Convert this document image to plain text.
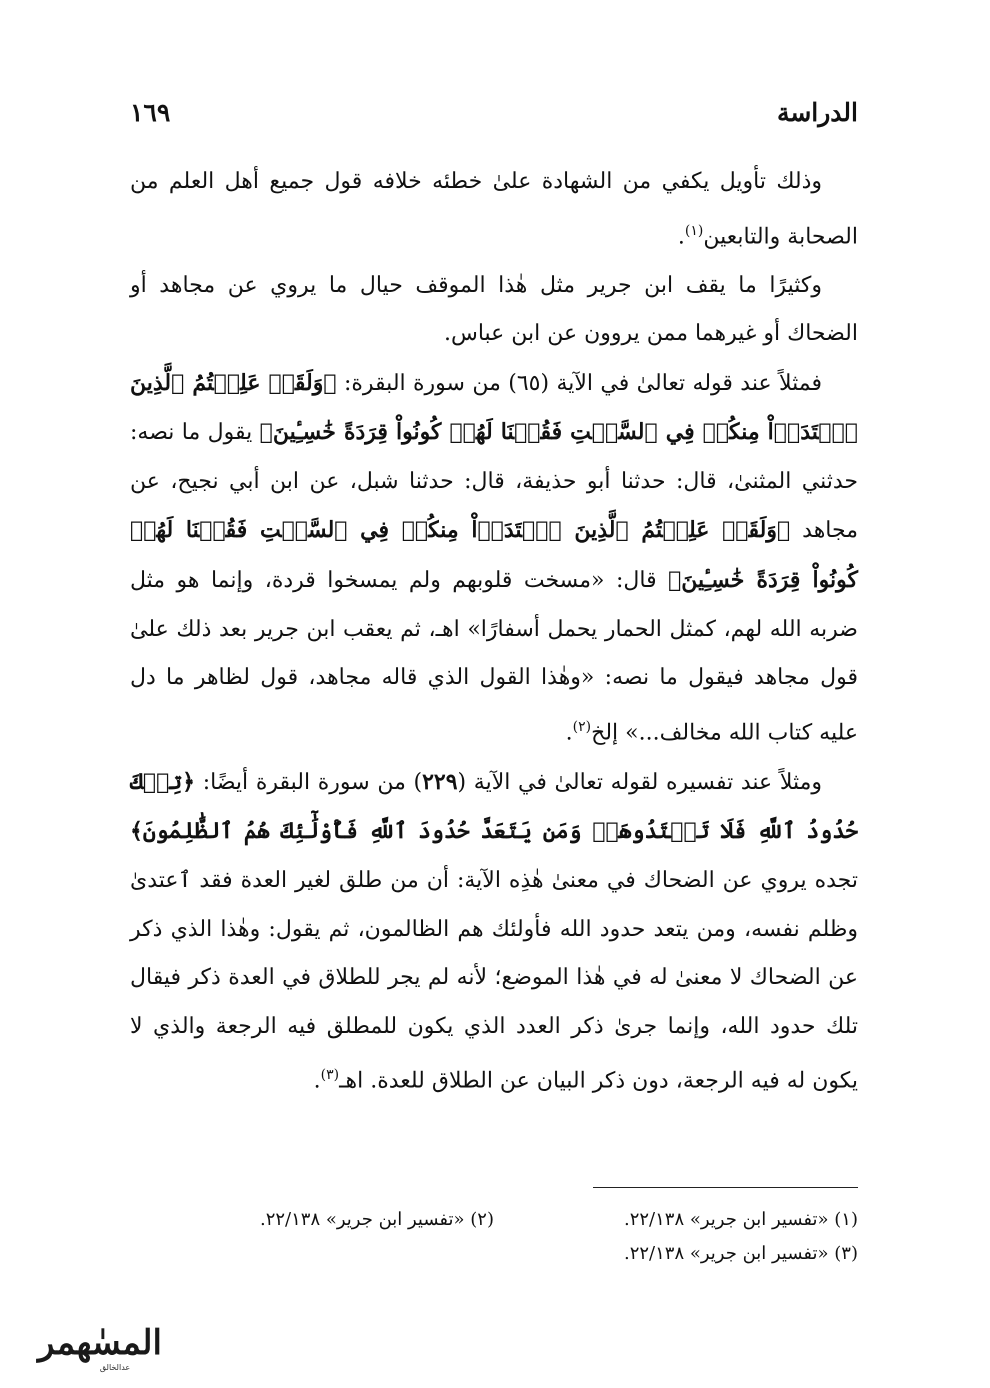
الدراسة
١٦٩

وذلك تأويل يكفي من الشهادة علىٰ خطئه خلافه قول جميع أهل العلم من الصحابة والتابعين$^{(١)}$.

وكثيرًا ما يقف ابن جرير مثل هٰذا الموقف حيال ما يروي عن مجاهد أو الضحاك أو غيرهما ممن يروون عن ابن عباس.

فمثلاً عند قوله تعالىٰ في الآية (٦٥) من سورة البقرة: ﴿وَلَقَدۡ عَلِمۡتُمُ ٱلَّذِينَ ٱعۡتَدَوۡاْ مِنكُمۡ فِي ٱلسَّبۡتِ فَقُلۡنَا لَهُمۡ كُونُواْ قِرَدَةً خَٰسِـِٔينَ﴾ يقول ما نصه: حدثني المثنىٰ، قال: حدثنا أبو حذيفة، قال: حدثنا شبل، عن ابن أبي نجيح، عن مجاهد ﴿وَلَقَدۡ عَلِمۡتُمُ ٱلَّذِينَ ٱعۡتَدَوۡاْ مِنكُمۡ فِي ٱلسَّبۡتِ فَقُلۡنَا لَهُمۡ كُونُواْ قِرَدَةً خَٰسِـِٔينَ﴾ قال: «مسخت قلوبهم ولم يمسخوا قردة، وإنما هو مثل ضربه الله لهم، كمثل الحمار يحمل أسفارًا» اهـ، ثم يعقب ابن جرير بعد ذلك علىٰ قول مجاهد فيقول ما نصه: «وهٰذا القول الذي قاله مجاهد، قول لظاهر ما دل عليه كتاب الله مخالف...» إلخ$^{(٢)}$.

ومثلاً عند تفسيره لقوله تعالىٰ في الآية (٢٢٩) من سورة البقرة أيضًا: ﴿تِلۡكَ حُدُودُ ٱللَّهِ فَلَا تَعۡتَدُوهَاۚ وَمَن يَتَعَدَّ حُدُودَ ٱللَّهِ فَأُوْلَٰٓئِكَ هُمُ ٱلظَّٰلِمُونَ﴾ تجده يروي عن الضحاك في معنىٰ هٰذِه الآية: أن من طلق لغير العدة فقد ٱعتدىٰ وظلم نفسه، ومن يتعد حدود الله فأولئك هم الظالمون، ثم يقول: وهٰذا الذي ذكر عن الضحاك لا معنىٰ له في هٰذا الموضع؛ لأنه لم يجر للطلاق في العدة ذكر فيقال تلك حدود الله، وإنما جرىٰ ذكر العدد الذي يكون للمطلق فيه الرجعة والذي لا يكون له فيه الرجعة، دون ذكر البيان عن الطلاق للعدة. اهـ$^{(٣)}$.

(١) «تفسير ابن جرير» ٢٢/١٣٨.
(٢) «تفسير ابن جرير» ٢٢/١٣٨.
(٣) «تفسير ابن جرير» ٢٢/١٣٨.
المسٰهمر
عدالخالق
